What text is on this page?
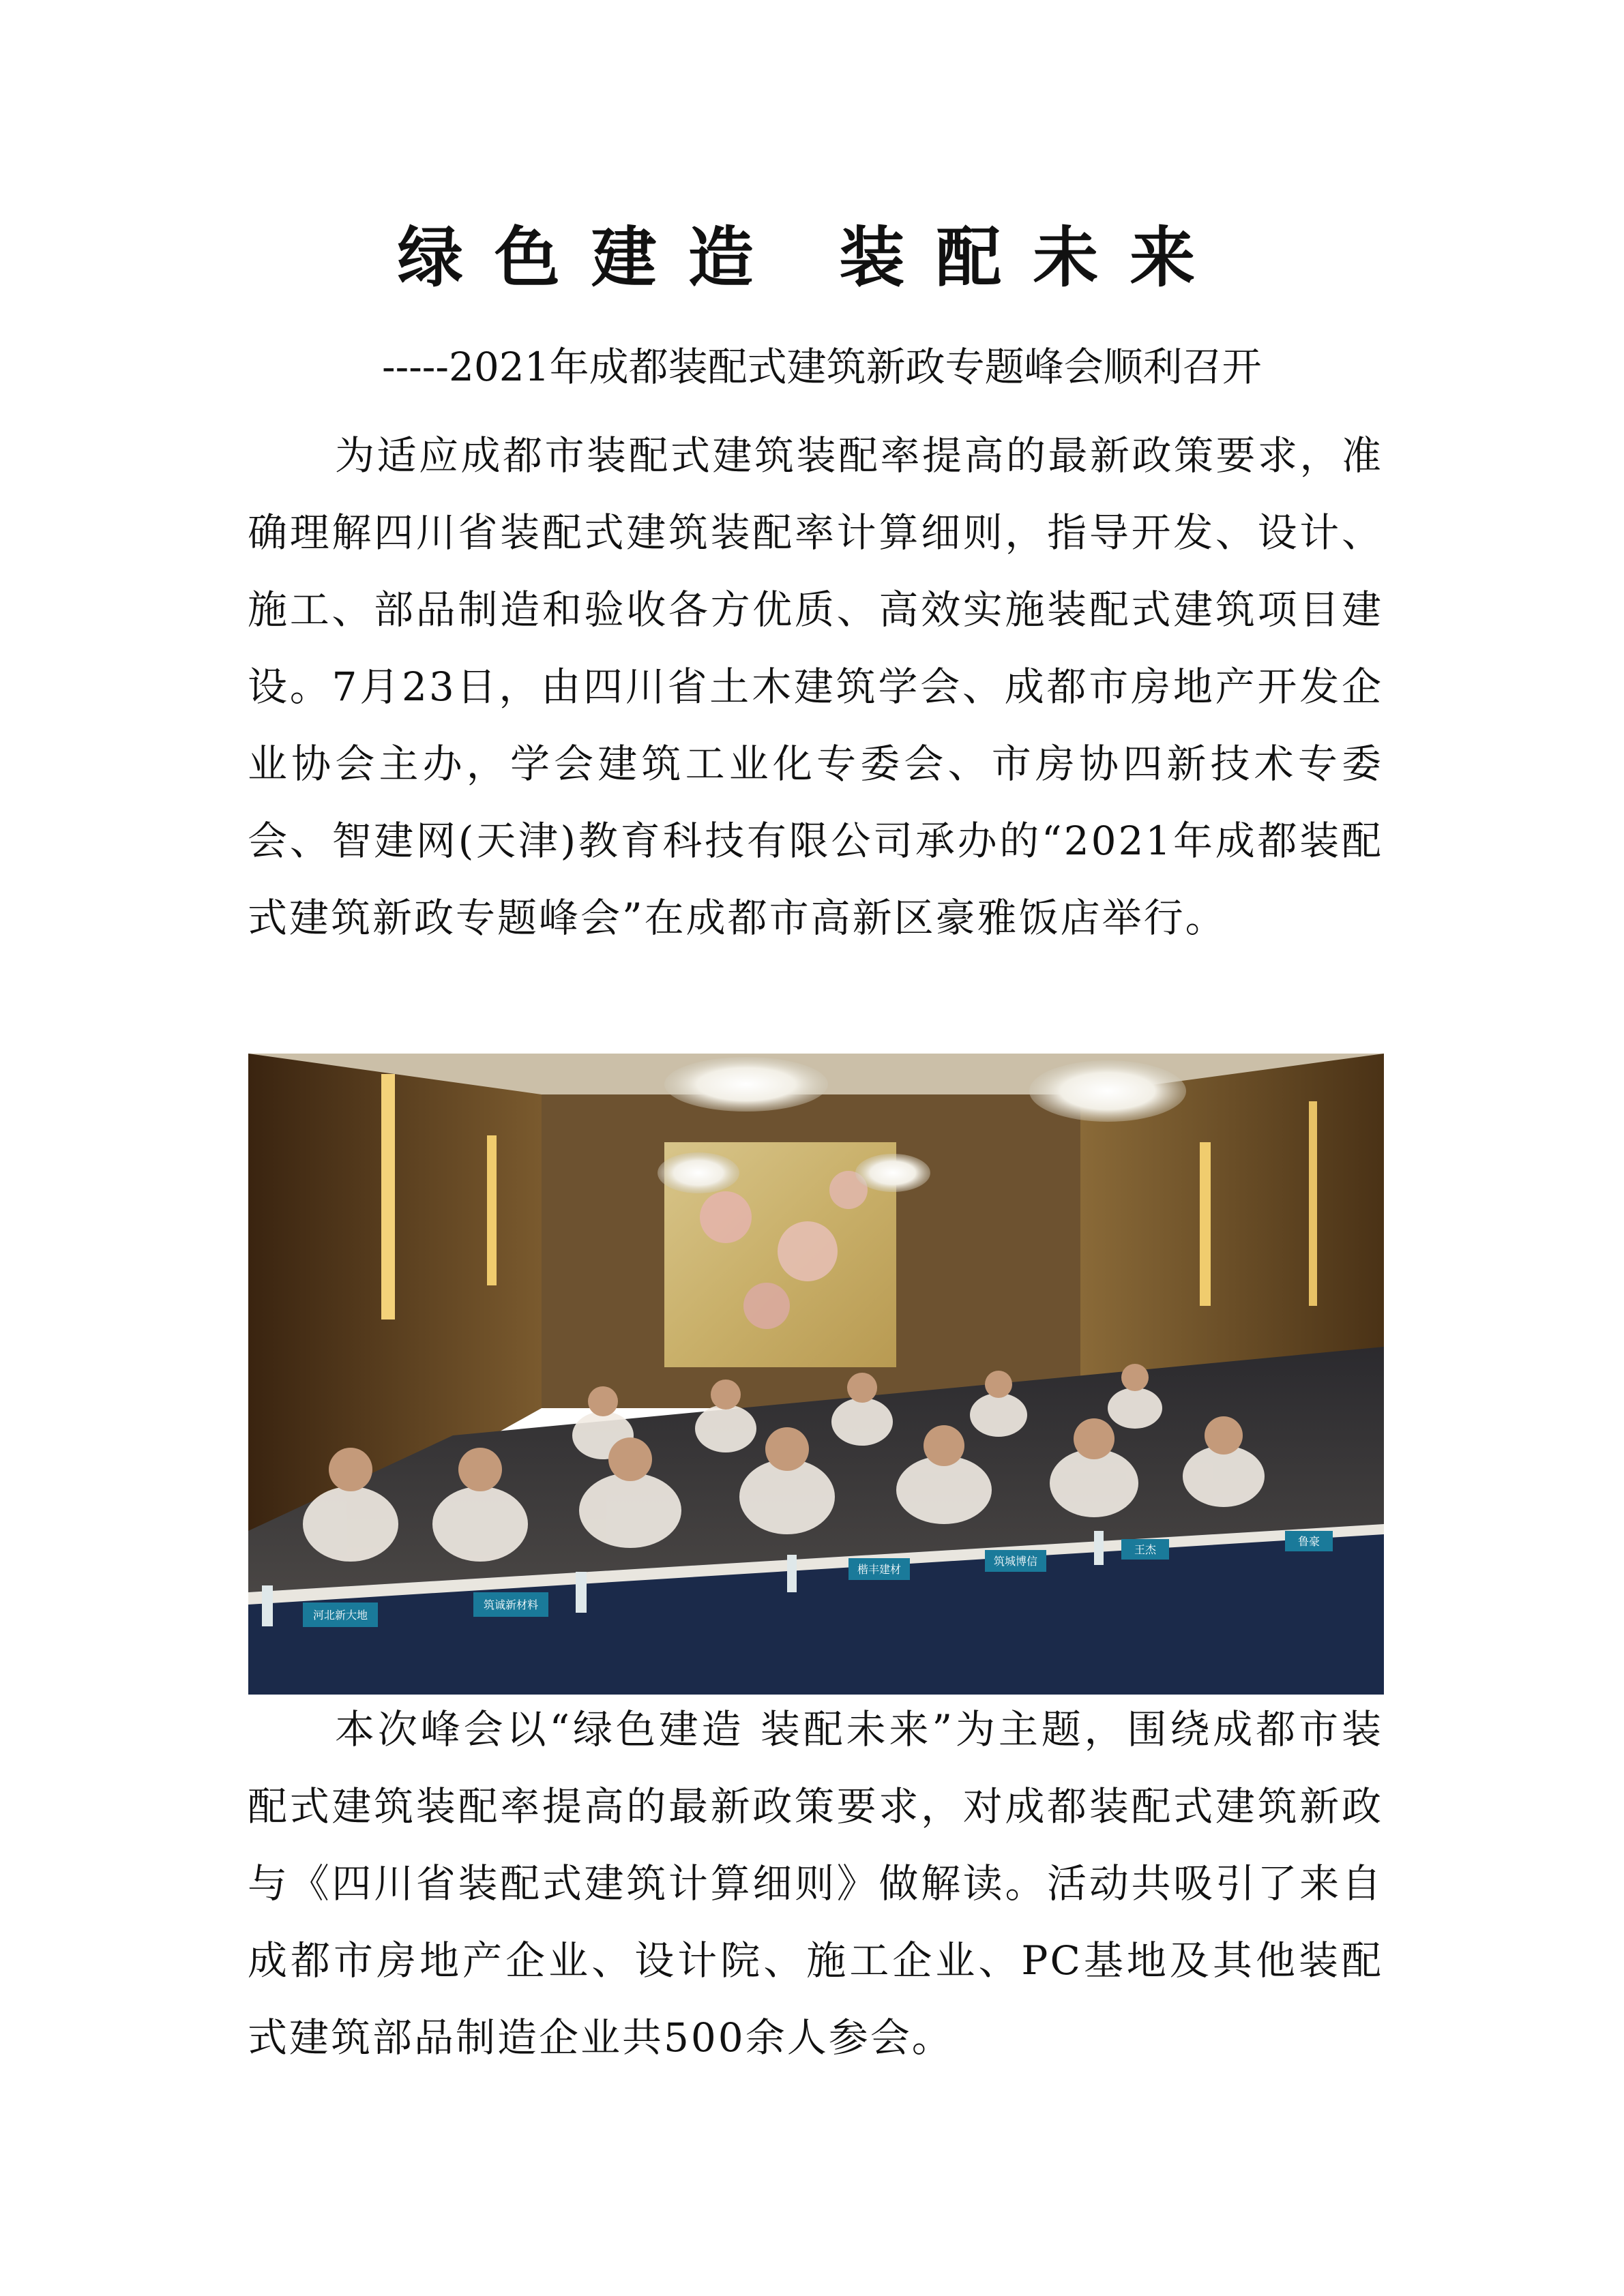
绿色建造 装配未来

-----2021年成都装配式建筑新政专题峰会顺利召开

为适应成都市装配式建筑装配率提高的最新政策要求，准确理解四川省装配式建筑装配率计算细则，指导开发、设计、施工、部品制造和验收各方优质、高效实施装配式建筑项目建设。7月23日，由四川省土木建筑学会、成都市房地产开发企业协会主办，学会建筑工业化专委会、市房协四新技术专委会、智建网(天津)教育科技有限公司承办的“2021年成都装配式建筑新政专题峰会”在成都市高新区豪雅饭店举行。

河北新大地
筑诚新材料
楷丰建材
筑城博信
王杰
鲁豪

本次峰会以“绿色建造 装配未来”为主题，围绕成都市装配式建筑装配率提高的最新政策要求，对成都装配式建筑新政与《四川省装配式建筑计算细则》做解读。活动共吸引了来自成都市房地产企业、设计院、施工企业、PC基地及其他装配式建筑部品制造企业共500余人参会。
